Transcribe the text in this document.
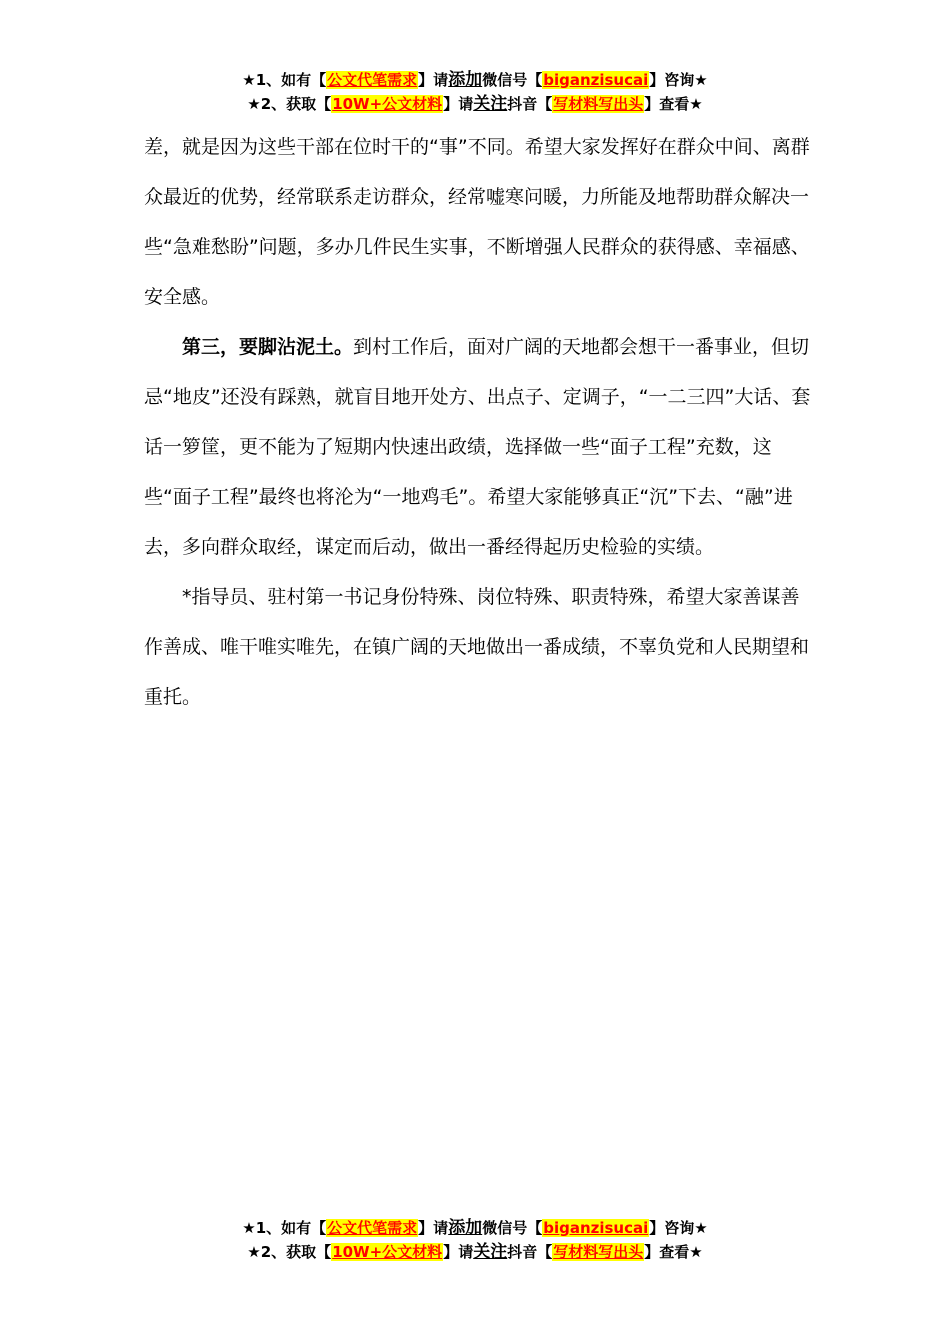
★1、如有【公文代笔需求】请添加微信号【biganzisucai】咨询★
★2、获取【10W+公文材料】请关注抖音【写材料写出头】查看★

差，就是因为这些干部在位时干的“事”不同。希望大家发挥好在群众中间、离群众最近的优势，经常联系走访群众，经常嘘寒问暖，力所能及地帮助群众解决一些“急难愁盼”问题，多办几件民生实事，不断增强人民群众的获得感、幸福感、安全感。

第三，要脚沾泥土。到村工作后，面对广阔的天地都会想干一番事业，但切忌“地皮”还没有踩熟，就盲目地开处方、出点子、定调子，“一二三四”大话、套话一箩筐，更不能为了短期内快速出政绩，选择做一些“面子工程”充数，这些“面子工程”最终也将沦为“一地鸡毛”。希望大家能够真正“沉”下去、“融”进去，多向群众取经，谋定而后动，做出一番经得起历史检验的实绩。

*指导员、驻村第一书记身份特殊、岗位特殊、职责特殊，希望大家善谋善作善成、唯干唯实唯先，在镇广阔的天地做出一番成绩，不辜负党和人民期望和重托。

★1、如有【公文代笔需求】请添加微信号【biganzisucai】咨询★
★2、获取【10W+公文材料】请关注抖音【写材料写出头】查看★
